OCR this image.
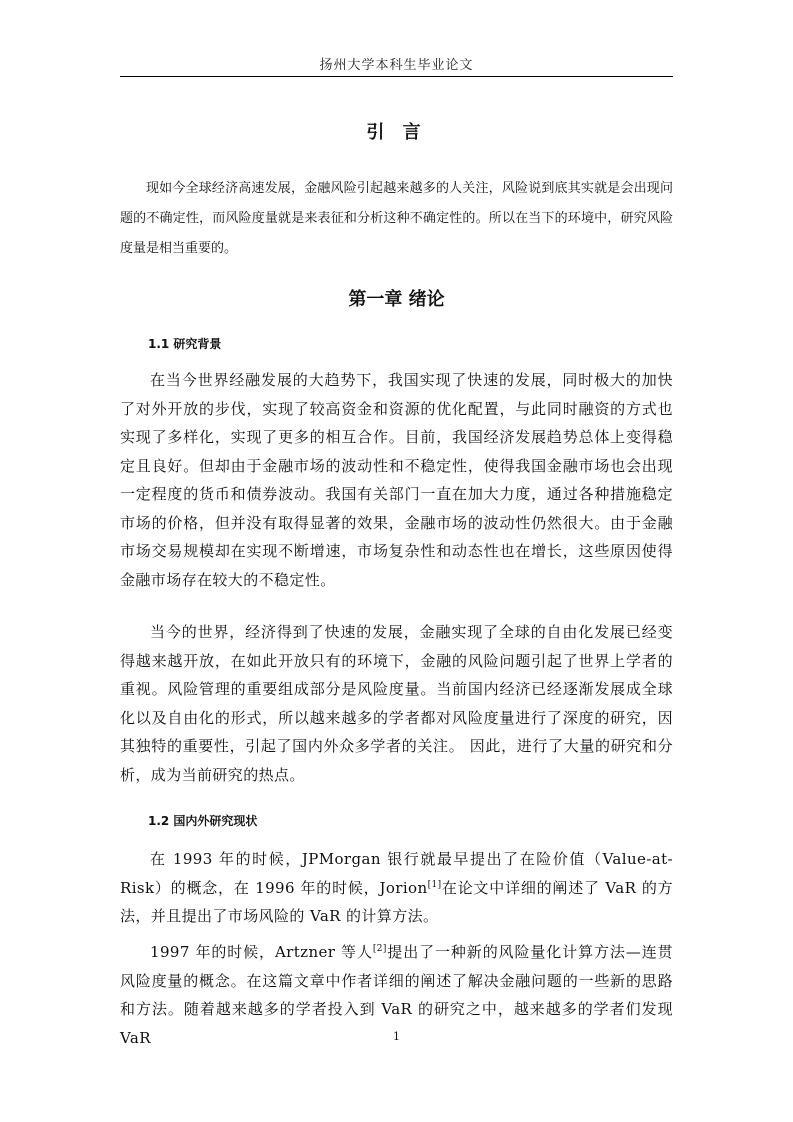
扬州大学本科生毕业论文
引 言

现如今全球经济高速发展，金融风险引起越来越多的人关注，风险说到底其实就是会出现问题的不确定性，而风险度量就是来表征和分析这种不确定性的。所以在当下的环境中，研究风险度量是相当重要的。

第一章 绪论
1.1 研究背景

在当今世界经融发展的大趋势下，我国实现了快速的发展，同时极大的加快了对外开放的步伐，实现了较高资金和资源的优化配置，与此同时融资的方式也实现了多样化，实现了更多的相互合作。目前，我国经济发展趋势总体上变得稳定且良好。但却由于金融市场的波动性和不稳定性，使得我国金融市场也会出现一定程度的货币和债券波动。我国有关部门一直在加大力度，通过各种措施稳定市场的价格，但并没有取得显著的效果，金融市场的波动性仍然很大。由于金融市场交易规模却在实现不断增速，市场复杂性和动态性也在增长，这些原因使得金融市场存在较大的不稳定性。

当今的世界，经济得到了快速的发展，金融实现了全球的自由化发展已经变得越来越开放，在如此开放只有的环境下，金融的风险问题引起了世界上学者的重视。风险管理的重要组成部分是风险度量。当前国内经济已经逐渐发展成全球化以及自由化的形式，所以越来越多的学者都对风险度量进行了深度的研究，因其独特的重要性，引起了国内外众多学者的关注。 因此，进行了大量的研究和分析，成为当前研究的热点。

1.2 国内外研究现状

在 1993 年的时候，JPMorgan 银行就最早提出了在险价值（Value-at-Risk）的概念，在 1996 年的时候，Jorion[1]在论文中详细的阐述了 VaR 的方法，并且提出了市场风险的 VaR 的计算方法。

1997 年的时候，Artzner 等人[2]提出了一种新的风险量化计算方法—连贯风险度量的概念。在这篇文章中作者详细的阐述了解决金融问题的一些新的思路和方法。随着越来越多的学者投入到 VaR 的研究之中，越来越多的学者们发现 VaR	1
